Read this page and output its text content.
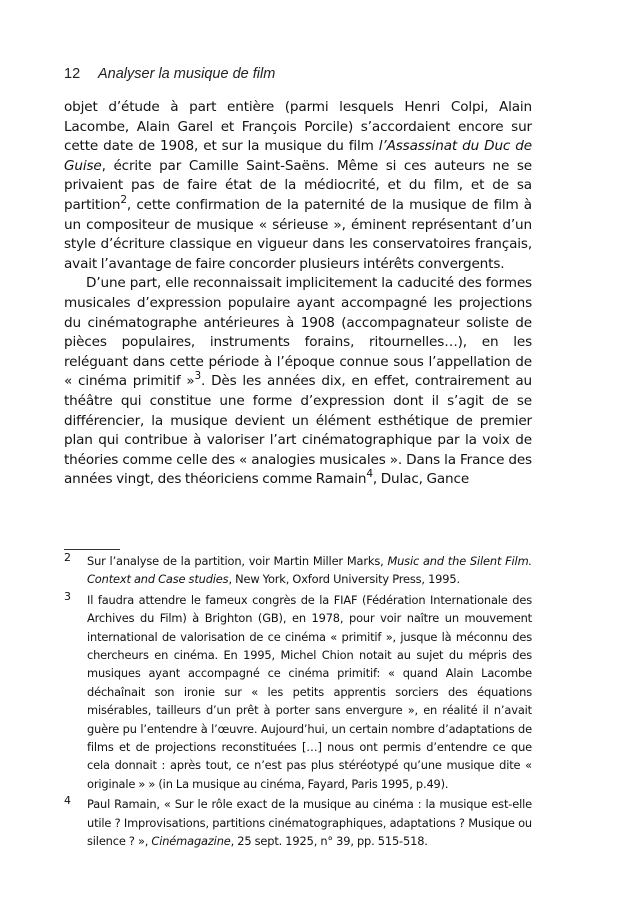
12 Analyser la musique de film

objet d’étude à part entière (parmi lesquels Henri Colpi, Alain Lacombe, Alain Garel et François Porcile) s’accordaient encore sur cette date de 1908, et sur la musique du film l’Assassinat du Duc de Guise, écrite par Camille Saint-Saëns. Même si ces auteurs ne se privaient pas de faire état de la médiocrité, et du film, et de sa partition$^2$, cette confirmation de la paternité de la musique de film à un compositeur de musique « sérieuse », éminent représentant d’un style d’écriture classique en vigueur dans les conservatoires français, avait l’avantage de faire concorder plusieurs intérêts convergents.

D’une part, elle reconnaissait implicitement la caducité des formes musicales d’expression populaire ayant accompagné les projections du cinématographe antérieures à 1908 (accompagnateur soliste de pièces populaires, instruments forains, ritournelles…), en les reléguant dans cette période à l’époque connue sous l’appellation de « cinéma primitif »$^3$. Dès les années dix, en effet, contrairement au théâtre qui constitue une forme d’expression dont il s’agit de se différencier, la musique devient un élément esthétique de premier plan qui contribue à valoriser l’art cinématographique par la voix de théories comme celle des « analogies musicales ». Dans la France des années vingt, des théoriciens comme Ramain$^4$, Dulac, Gance

2 Sur l’analyse de la partition, voir Martin Miller Marks, Music and the Silent Film. Context and Case studies, New York, Oxford University Press, 1995.
3 Il faudra attendre le fameux congrès de la FIAF (Fédération Internationale des Archives du Film) à Brighton (GB), en 1978, pour voir naître un mouvement international de valorisation de ce cinéma « primitif », jusque là méconnu des chercheurs en cinéma. En 1995, Michel Chion notait au sujet du mépris des musiques ayant accompagné ce cinéma primitif: « quand Alain Lacombe déchaînait son ironie sur « les petits apprentis sorciers des équations misérables, tailleurs d’un prêt à porter sans envergure », en réalité il n’avait guère pu l’entendre à l’œuvre. Aujourd’hui, un certain nombre d’adaptations de films et de projections reconstituées […] nous ont permis d’entendre ce que cela donnait : après tout, ce n’est pas plus stéréotypé qu’une musique dite « originale » » (in La musique au cinéma, Fayard, Paris 1995, p.49).
4 Paul Ramain, « Sur le rôle exact de la musique au cinéma : la musique est-elle utile ? Improvisations, partitions cinématographiques, adaptations ? Musique ou silence ? », Cinémagazine, 25 sept. 1925, n° 39, pp. 515-518.
